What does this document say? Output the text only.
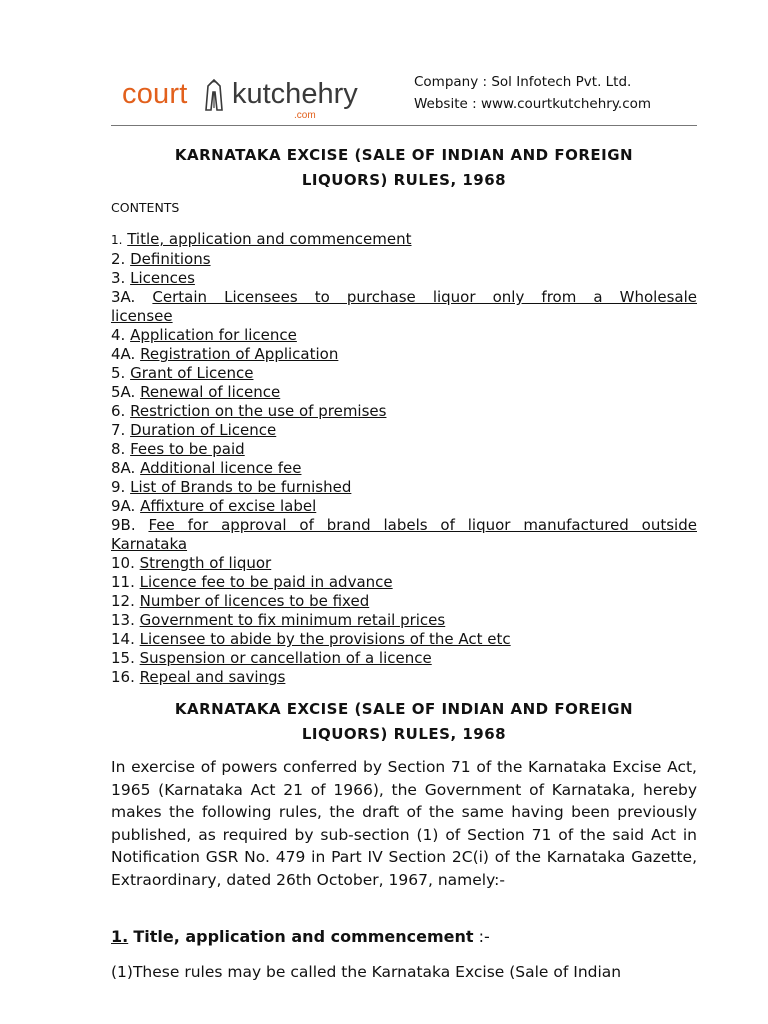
court kutchehry
.com
Company : Sol Infotech Pvt. Ltd.
Website : www.courtkutchehry.com
KARNATAKA EXCISE (SALE OF INDIAN AND FOREIGN
LIQUORS) RULES, 1968
CONTENTS
1. Title, application and commencement
2. Definitions
3. Licences
3A. Certain Licensees to purchase liquor only from a Wholesale
licensee
4. Application for licence
4A. Registration of Application
5. Grant of Licence
5A. Renewal of licence
6. Restriction on the use of premises
7. Duration of Licence
8. Fees to be paid
8A. Additional licence fee
9. List of Brands to be furnished
9A. Affixture of excise label
9B. Fee for approval of brand labels of liquor manufactured outside
Karnataka
10. Strength of liquor
11. Licence fee to be paid in advance
12. Number of licences to be fixed
13. Government to fix minimum retail prices
14. Licensee to abide by the provisions of the Act etc
15. Suspension or cancellation of a licence
16. Repeal and savings
KARNATAKA EXCISE (SALE OF INDIAN AND FOREIGN
LIQUORS) RULES, 1968
In exercise of powers conferred by Section 71 of the Karnataka Excise Act, 1965 (Karnataka Act 21 of 1966), the Government of Karnataka, hereby makes the following rules, the draft of the same having been previously published, as required by sub-section (1) of Section 71 of the said Act in Notification GSR No. 479 in Part IV Section 2C(i) of the Karnataka Gazette, Extraordinary, dated 26th October, 1967, namely:-
1. Title, application and commencement :-
(1)These rules may be called the Karnataka Excise (Sale of Indian
